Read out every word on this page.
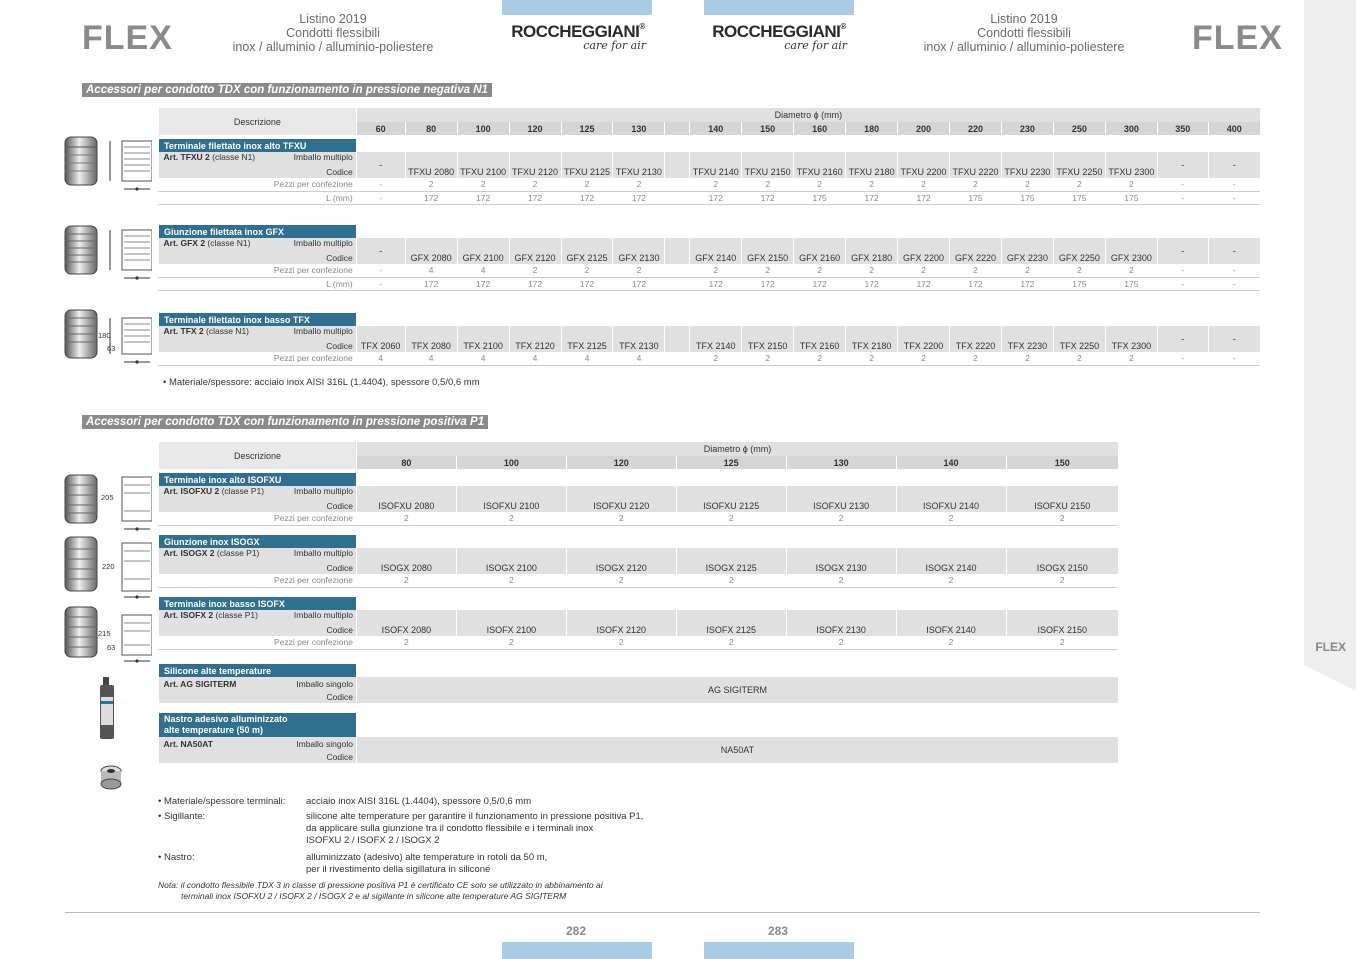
FLEX
FLEX	FLEX
Listino 2019
Condotti flessibili
inox / alluminio / alluminio-poliestere
Listino 2019
Condotti flessibili
inox / alluminio / alluminio-poliestere
ROCCHEGGIANI®
care for air
ROCCHEGGIANI®
care for air
Accessori per condotto TDX con funzionamento in pressione negativa N1
180
63
Descrizione	Diametro ϕ (mm)																	
	60	80	100	120	125	130		140	150	160	180	200	220	230	250	300	350	400

Terminale filettato inox alto TFXU																		

Art. TFXU 2 (classe N1)	Imballo multiplo
-																-	-
Codice		TFXU 2080	TFXU 2100	TFXU 2120	TFXU 2125	TFXU 2130		TFXU 2140	TFXU 2150	TFXU 2160	TFXU 2180	TFXU 2200	TFXU 2220	TFXU 2230	TFXU 2250	TFXU 2300		
Pezzi per confezione	-	2	2	2	2	2		2	2	2	2	2	2	2	2	2	-	-
L (mm)	-	172	172	172	172	172		172	172	175	172	172	175	175	175	175	-	-

Giunzione filettata inox GFX																		

Art. GFX 2 (classe N1)	Imballo multiplo
-																-	-
Codice		GFX 2080	GFX 2100	GFX 2120	GFX 2125	GFX 2130		GFX 2140	GFX 2150	GFX 2160	GFX 2180	GFX 2200	GFX 2220	GFX 2230	GFX 2250	GFX 2300		
Pezzi per confezione	-	4	4	2	2	2		2	2	2	2	2	2	2	2	2	-	-
L (mm)	-	172	172	172	172	172		172	172	172	172	172	172	172	175	175	-	-

Terminale filettato inox basso TFX																		

Art. TFX 2 (classe N1)	Imballo multiplo
																-	-
Codice	TFX 2060	TFX 2080	TFX 2100	TFX 2120	TFX 2125	TFX 2130		TFX 2140	TFX 2150	TFX 2160	TFX 2180	TFX 2200	TFX 2220	TFX 2230	TFX 2250	TFX 2300		
Pezzi per confezione	4	4	4	4	4	4		2	2	2	2	2	2	2	2	2	-	-
• Materiale/spessore: acciaio inox AISI 316L (1.4404), spessore 0,5/0,6 mm
Accessori per condotto TDX con funzionamento in pressione positiva P1
205
220
215
63
Descrizione	Diametro ϕ (mm)						
	80	100	120	125	130	140	150

Terminale inox alto ISOFXU							

Art. ISOFXU 2 (classe P1)	Imballo multiplo

Codice	ISOFXU 2080	ISOFXU 2100	ISOFXU 2120	ISOFXU 2125	ISOFXU 2130	ISOFXU 2140	ISOFXU 2150
Pezzi per confezione	2	2	2	2	2	2	2

Giunzione inox ISOGX							

Art. ISOGX 2 (classe P1)	Imballo multiplo

Codice	ISOGX 2080	ISOGX 2100	ISOGX 2120	ISOGX 2125	ISOGX 2130	ISOGX 2140	ISOGX 2150
Pezzi per confezione	2	2	2	2	2	2	2

Terminale inox basso ISOFX							

Art. ISOFX 2 (classe P1)	Imballo multiplo

Codice	ISOFX 2080	ISOFX 2100	ISOFX 2120	ISOFX 2125	ISOFX 2130	ISOFX 2140	ISOFX 2150
Pezzi per confezione	2	2	2	2	2	2	2

Silicone alte temperature							

Art. AG SIGITERM	Imballo singolo
AG SIGITERM						
Codice							

Nastro adesivo alluminizzato
alte temperature (50 m)							

Art. NA50AT	Imballo singolo
NA50AT						
Codice							
• Materiale/spessore terminali:
• Sigillante:
• Nastro:
acciaio inox AISI 316L (1.4404), spessore 0,5/0,6 mm
silicone alte temperature per garantire il funzionamento in pressione positiva P1,
da applicare sulla giunzione tra il condotto flessibile e i terminali inox
ISOFXU 2 / ISOFX 2 / ISOGX 2
alluminizzato (adesivo) alte temperature in rotoli da 50 m,
per il rivestimento della sigillatura in silicone
Nota: il condotto flessibile TDX 3 in classe di pressione positiva P1 è certificato CE solo se utilizzato in abbinamento ai
terminali inox ISOFXU 2 / ISOFX 2 / ISOGX 2 e al sigillante in silicone alte temperature AG SIGITERM
282	283
